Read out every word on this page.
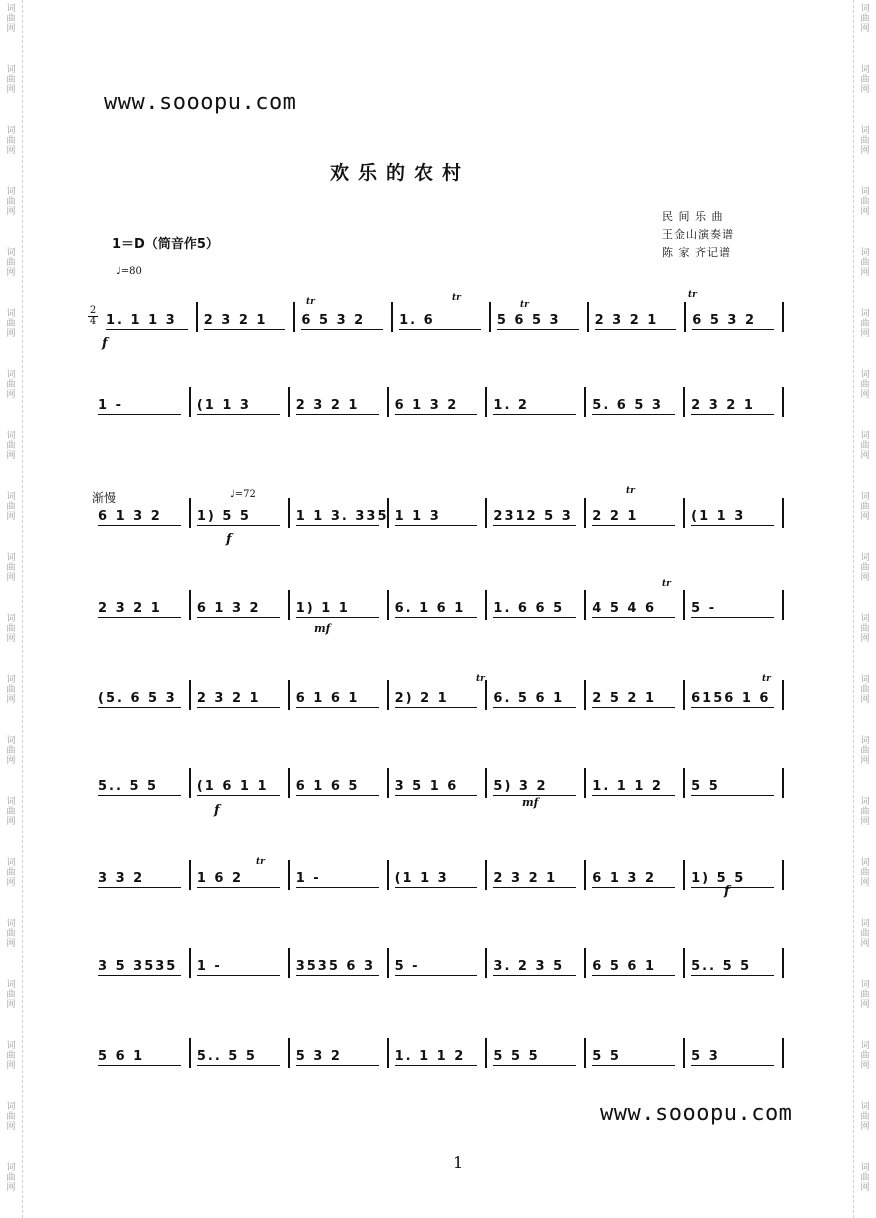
词曲网
词曲网
词曲网
词曲网
词曲网
词曲网
词曲网
词曲网
词曲网
词曲网
词曲网
词曲网
词曲网
词曲网
词曲网
词曲网
词曲网
词曲网
词曲网
词曲网
词曲网
词曲网
词曲网
词曲网
词曲网
词曲网
词曲网
词曲网
词曲网
词曲网
词曲网
词曲网
词曲网
词曲网
词曲网
词曲网
词曲网
词曲网
词曲网
词曲网
www.sooopu.com
欢乐的农村
民 间 乐 曲
王金山演奏谱
陈 家 齐记谱
1＝D（筒音作5）
♩=80
渐慢	♩=72
2
4 1. 1 1 3 2 3 2 1	6 5 3 2	1. 6	5 6 5 3	2 3 2 1	6 5 3 2
1 -	(1 1 3	2 3 2 1	6 1 3 2	1. 2	5. 6 5 3 2 3 2 1
6 1 3 2	1) 5 5	1 1 3. 335 1 1 3	2312 5 3 2 2 1	(1 1 3
2 3 2 1	6 1 3 2	1) 1 1	6. 1 6 1 1. 6 6 5 4 5 4 6	5 -
(5. 6 5 3 2 3 2 1	6 1 6 1	2) 2 1	6. 5 6 1 2 5 2 1	6156 1 6
5.. 5 5	(1 6 1 1 6 1 6 5	3 5 1 6	5) 3 2	1. 1 1 2 5 5
3 3 2	1 6 2	1 -	(1 1 3	2 3 2 1	6 1 3 2	1) 5 5
3 5 3535 1 -	3535 6 3 5 -	3. 2 3 5 6 5 6 1	5.. 5 5
5 6 1	5.. 5 5	5 3 2	1. 1 1 2 5 5 5	5 5	5 3
f
f
mf
f
mf
f
tr	tr
tr
tr
tr
tr
tr	tr
tr
www.sooopu.com
1
